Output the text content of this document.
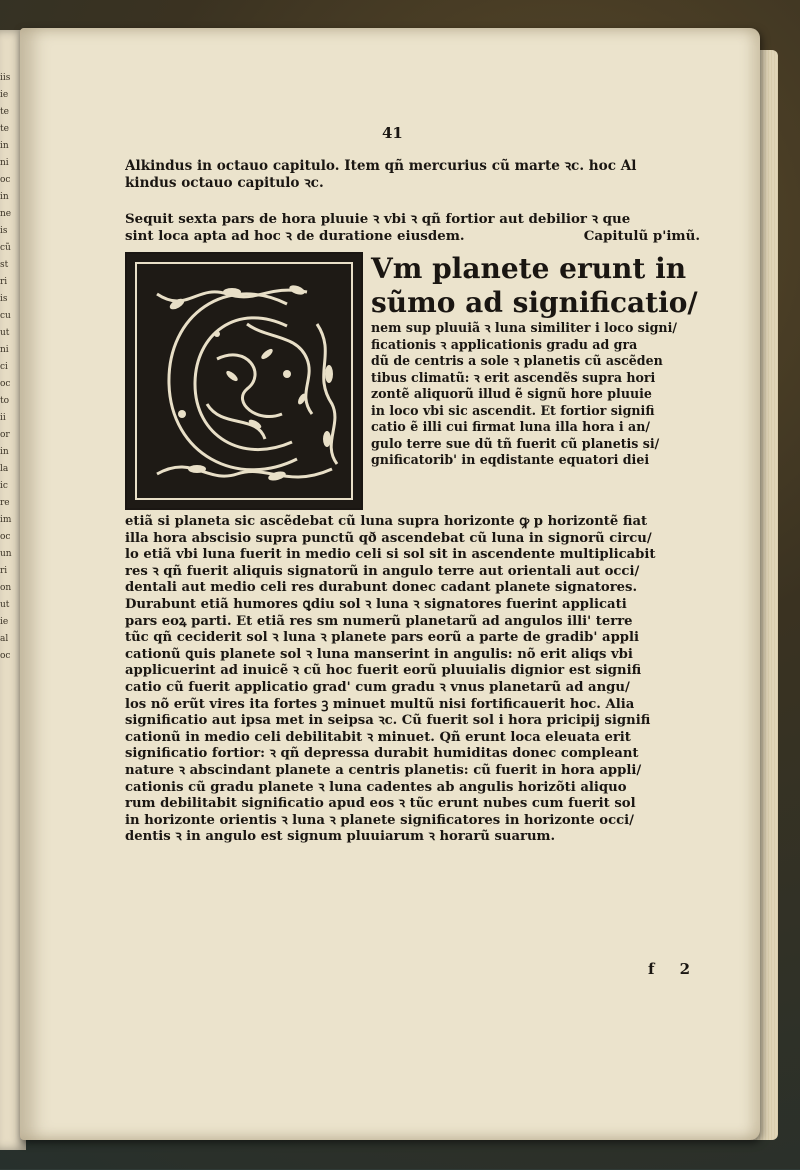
iis
ie
te
te
in
ni
oc
in
ne
is
cũ
st
ri
is
cu
ut
ni
ci
oc
to
ii
or
in
la
ic
re
im
oc
un
ri
on
ut
ie
al
oc
41

Alkindus in octauo capitulo. Item qñ mercurius cũ marte ꝛc. hoc Al

kindus octauo capitulo ꝛc.

Sequit sexta pars de hora pluuie ꝛ vbi ꝛ qñ fortior aut debilior ꝛ que

sint loca apta ad hoc ꝛ de duratione eiusdem.	Capitulũ p'imũ.

Vm planete erunt in

sũmo ad significatio/

nem sup pluuiã ꝛ luna similiter i loco signi/

ficationis ꝛ applicationis gradu ad gra

dũ de centris a sole ꝛ planetis cũ ascẽden

tibus climatũ: ꝛ erit ascendẽs supra hori

zontẽ aliquorũ illud ẽ signũ hore pluuie

in loco vbi sic ascendit. Et fortior signifi

catio ẽ illi cui firmat luna illa hora i an/

gulo terre sue dũ tñ fuerit cũ planetis si/

gnificatorib' in eqdistante equatori diei

etiã si planeta sic ascẽdebat cũ luna supra horizonte ꝙ p horizontẽ fiat

illa hora abscisio supra punctũ qð ascendebat cũ luna in signorũ circu/

lo etiã vbi luna fuerit in medio celi si sol sit in ascendente multiplicabit

res ꝛ qñ fuerit aliquis signatorũ in angulo terre aut orientali aut occi/

dentali aut medio celi res durabunt donec cadant planete signatores.

Durabunt etiã humores ꝗdiu sol ꝛ luna ꝛ signatores fuerint applicati

pars eoꝝ parti. Et etiã res sm numerũ planetarũ ad angulos illi' terre

tũc qñ ceciderit sol ꝛ luna ꝛ planete pars eorũ a parte de gradib' appli

cationũ ꝗuis planete sol ꝛ luna manserint in angulis: nõ erit aliqs vbi

applicuerint ad inuicẽ ꝛ cũ hoc fuerit eorũ pluuialis dignior est signifi

catio cũ fuerit applicatio grad' cum gradu ꝛ vnus planetarũ ad angu/

los nõ erũt vires ita fortes ꝫ minuet multũ nisi fortificauerit hoc. Alia

significatio aut ipsa met in seipsa ꝛc. Cũ fuerit sol i hora pricipij signifi

cationũ in medio celi debilitabit ꝛ minuet. Qñ erunt loca eleuata erit

significatio fortior: ꝛ qñ depressa durabit humiditas donec compleant

nature ꝛ abscindant planete a centris planetis: cũ fuerit in hora appli/

cationis cũ gradu planete ꝛ luna cadentes ab angulis horizõti aliquo

rum debilitabit significatio apud eos ꝛ tũc erunt nubes cum fuerit sol

in horizonte orientis ꝛ luna ꝛ planete significatores in horizonte occi/

dentis ꝛ in angulo est signum pluuiarum ꝛ horarũ suarum.

f 2
